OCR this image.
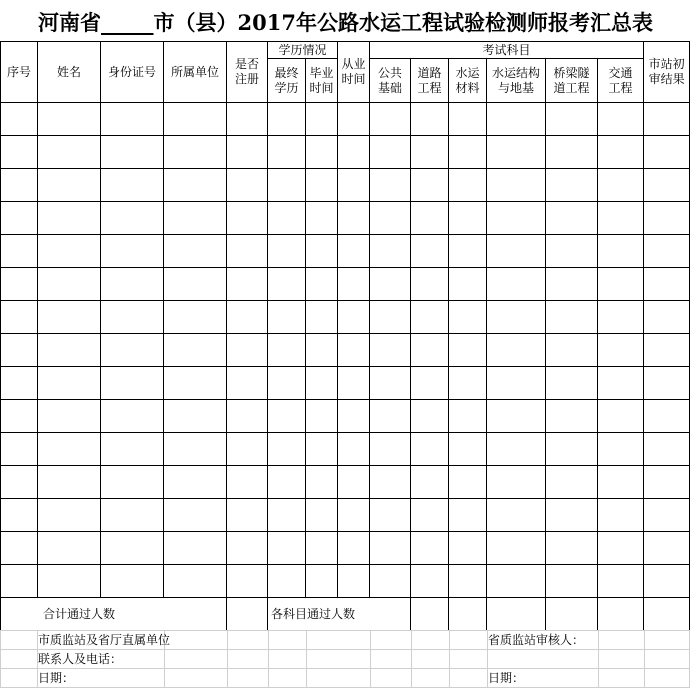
河南省_____市（县）2017年公路水运工程试验检测师报考汇总表
序号	姓名	身份证号	所属单位	是否注册	学历情况		从业时间	考试科目						市站初审结果
					最终学历	毕业时间		公共基础	道路工程	水运材料	水运结构与地基	桥梁隧道工程	交通工程	

合计通过人数					各科目通过人数									
	市质监站及省厅直属单位								省质监站审核人：		
	联系人及电话：										
	日期：								日期：		
